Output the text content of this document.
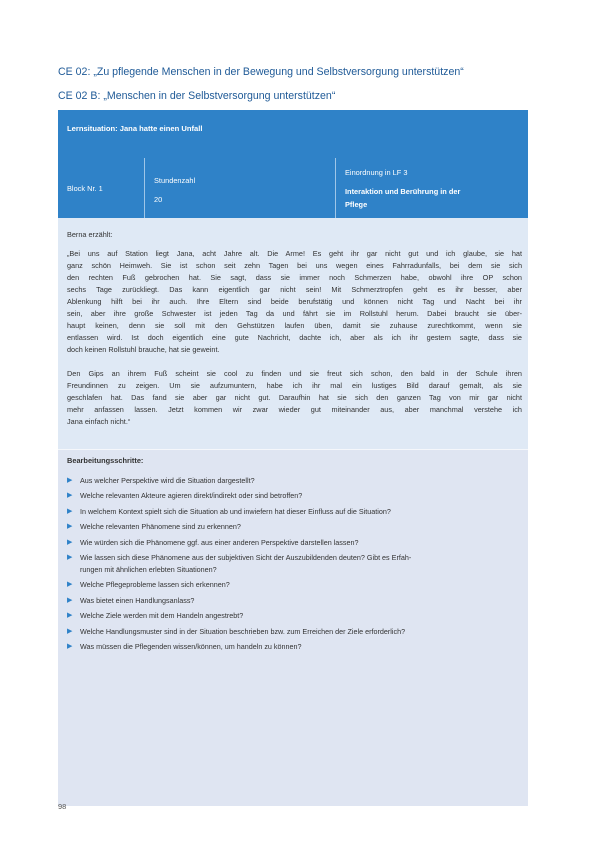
CE 02: „Zu pflegende Menschen in der Bewegung und Selbstversorgung unterstützen“
CE 02 B: „Menschen in der Selbstversorgung unterstützen“
Lernsituation: Jana hatte einen Unfall
Block Nr. 1
Stundenzahl
20
Einordnung in LF 3
Interaktion und Berührung in der
Pflege
Berna erzählt:
„Bei uns auf Station liegt Jana, acht Jahre alt. Die Arme! Es geht ihr gar nicht gut und ich glaube, sie hat
ganz schön Heimweh. Sie ist schon seit zehn Tagen bei uns wegen eines Fahrradunfalls, bei dem sie sich
den rechten Fuß gebrochen hat. Sie sagt, dass sie immer noch Schmerzen habe, obwohl ihre OP schon
sechs Tage zurückliegt. Das kann eigentlich gar nicht sein! Mit Schmerztropfen geht es ihr besser, aber
Ablenkung hilft bei ihr auch. Ihre Eltern sind beide berufstätig und können nicht Tag und Nacht bei ihr
sein, aber ihre große Schwester ist jeden Tag da und fährt sie im Rollstuhl herum. Dabei braucht sie über-
haupt keinen, denn sie soll mit den Gehstützen laufen üben, damit sie zuhause zurechtkommt, wenn sie
entlassen wird. Ist doch eigentlich eine gute Nachricht, dachte ich, aber als ich ihr gestern sagte, dass sie
doch keinen Rollstuhl brauche, hat sie geweint.
Den Gips an ihrem Fuß scheint sie cool zu finden und sie freut sich schon, den bald in der Schule ihren
Freundinnen zu zeigen. Um sie aufzumuntern, habe ich ihr mal ein lustiges Bild darauf gemalt, als sie
geschlafen hat. Das fand sie aber gar nicht gut. Daraufhin hat sie sich den ganzen Tag von mir gar nicht
mehr anfassen lassen. Jetzt kommen wir zwar wieder gut miteinander aus, aber manchmal verstehe ich
Jana einfach nicht.“
Bearbeitungsschritte:
▶ Aus welcher Perspektive wird die Situation dargestellt?
▶ Welche relevanten Akteure agieren direkt/indirekt oder sind betroffen?
▶ In welchem Kontext spielt sich die Situation ab und inwiefern hat dieser Einfluss auf die Situation?
▶ Welche relevanten Phänomene sind zu erkennen?
▶ Wie würden sich die Phänomene ggf. aus einer anderen Perspektive darstellen lassen?
▶ Wie lassen sich diese Phänomene aus der subjektiven Sicht der Auszubildenden deuten? Gibt es Erfah-
rungen mit ähnlichen erlebten Situationen?
▶ Welche Pflegeprobleme lassen sich erkennen?
▶ Was bietet einen Handlungsanlass?
▶ Welche Ziele werden mit dem Handeln angestrebt?
▶ Welche Handlungsmuster sind in der Situation beschrieben bzw. zum Erreichen der Ziele erforderlich?
▶ Was müssen die Pflegenden wissen/können, um handeln zu können?
98
